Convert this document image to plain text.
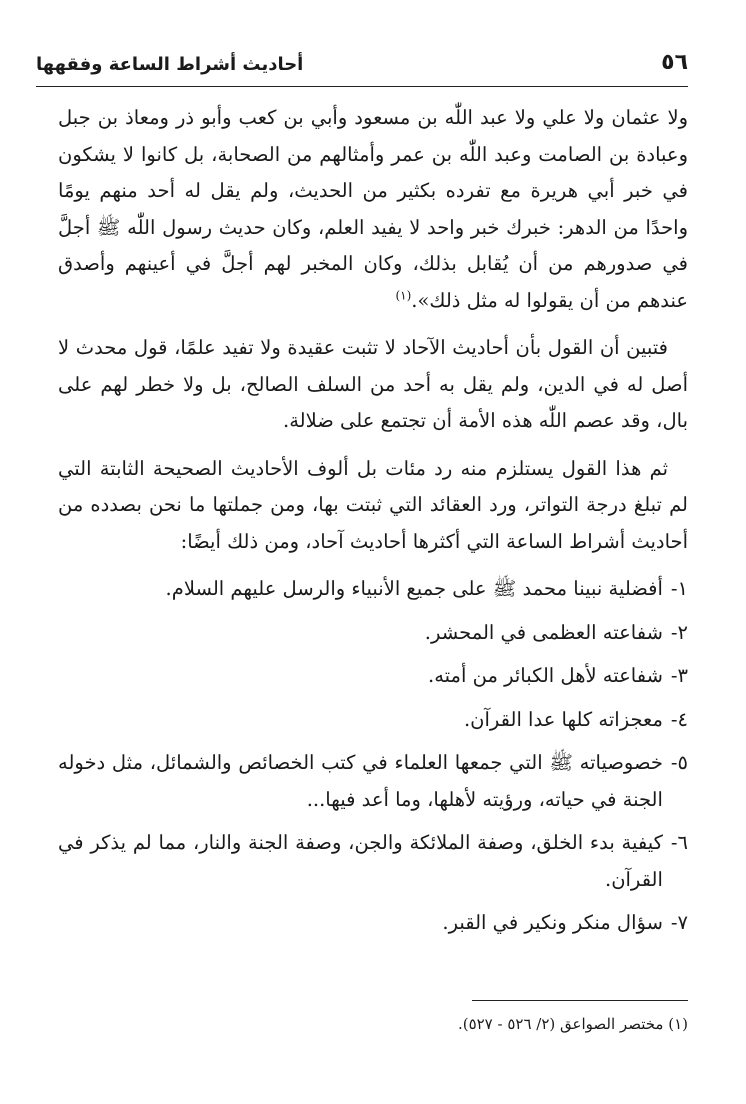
أحاديث أشراط الساعة وفقهها	٥٦

ولا عثمان ولا علي ولا عبد اللّٰه بن مسعود وأبي بن كعب وأبو ذر ومعاذ بن جبل وعبادة بن الصامت وعبد اللّٰه بن عمر وأمثالهم من الصحابة، بل كانوا لا يشكون في خبر أبي هريرة مع تفرده بكثير من الحديث، ولم يقل له أحد منهم يومًا واحدًا من الدهر: خبرك خبر واحد لا يفيد العلم، وكان حديث رسول اللّٰه ﷺ أجلَّ في صدورهم من أن يُقابل بذلك، وكان المخبر لهم أجلَّ في أعينهم وأصدق عندهم من أن يقولوا له مثل ذلك».$^{(١)}$

فتبين أن القول بأن أحاديث الآحاد لا تثبت عقيدة ولا تفيد علمًا، قول محدث لا أصل له في الدين، ولم يقل به أحد من السلف الصالح، بل ولا خطر لهم على بال، وقد عصم اللّٰه هذه الأمة أن تجتمع على ضلالة.

ثم هذا القول يستلزم منه رد مئات بل ألوف الأحاديث الصحيحة الثابتة التي لم تبلغ درجة التواتر، ورد العقائد التي ثبتت بها، ومن جملتها ما نحن بصدده من أحاديث أشراط الساعة التي أكثرها أحاديث آحاد، ومن ذلك أيضًا:

١-
أفضلية نبينا محمد ﷺ على جميع الأنبياء والرسل عليهم السلام.
٢-
شفاعته العظمى في المحشر.
٣-
شفاعته لأهل الكبائر من أمته.
٤-
معجزاته كلها عدا القرآن.
٥-
خصوصياته ﷺ التي جمعها العلماء في كتب الخصائص والشمائل، مثل دخوله الجنة في حياته، ورؤيته لأهلها، وما أعد فيها...
٦-
كيفية بدء الخلق، وصفة الملائكة والجن، وصفة الجنة والنار، مما لم يذكر في القرآن.
٧-
سؤال منكر ونكير في القبر.
(١) مختصر الصواعق (٢/ ٥٢٦ - ٥٢٧).
